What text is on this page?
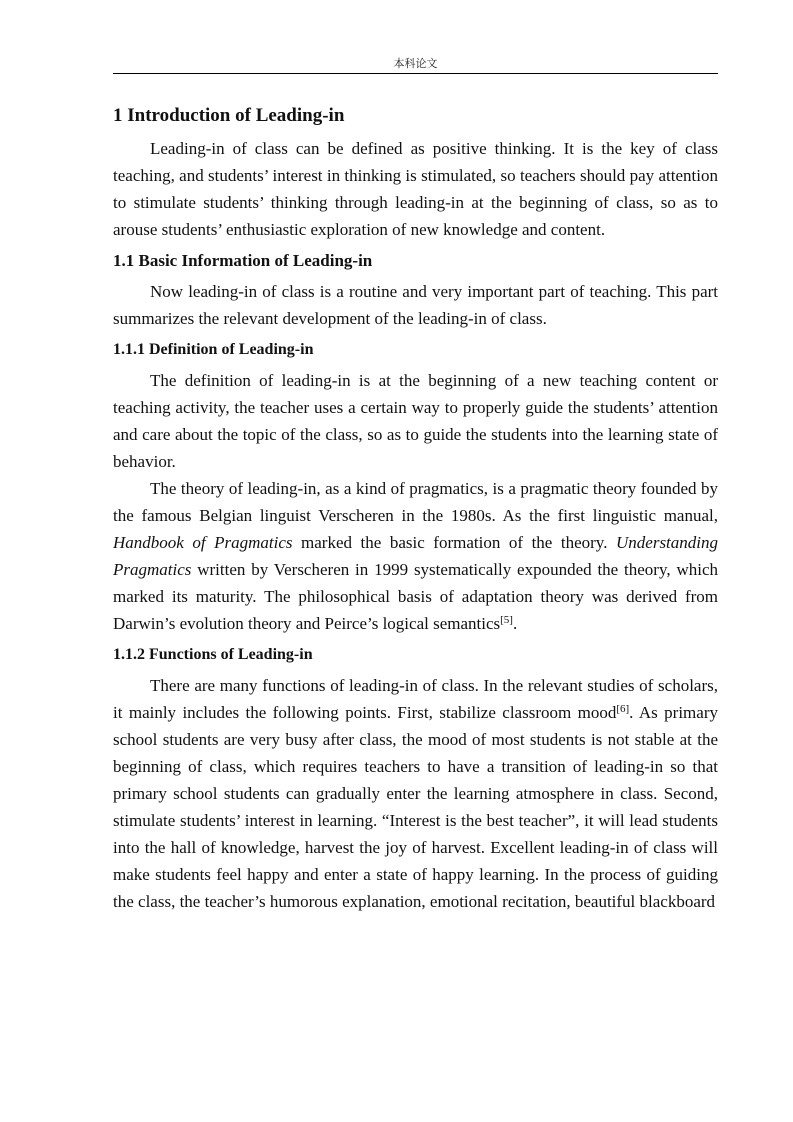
本科论文
1 Introduction of Leading-in

Leading-in of class can be defined as positive thinking. It is the key of class teaching, and students’ interest in thinking is stimulated, so teachers should pay attention to stimulate students’ thinking through leading-in at the beginning of class, so as to arouse students’ enthusiastic exploration of new knowledge and content.

1.1 Basic Information of Leading-in

Now leading-in of class is a routine and very important part of teaching. This part summarizes the relevant development of the leading-in of class.

1.1.1 Definition of Leading-in

The definition of leading-in is at the beginning of a new teaching content or teaching activity, the teacher uses a certain way to properly guide the students’ attention and care about the topic of the class, so as to guide the students into the learning state of behavior.

The theory of leading-in, as a kind of pragmatics, is a pragmatic theory founded by the famous Belgian linguist Verscheren in the 1980s. As the first linguistic manual, Handbook of Pragmatics marked the basic formation of the theory. Understanding Pragmatics written by Verscheren in 1999 systematically expounded the theory, which marked its maturity. The philosophical basis of adaptation theory was derived from Darwin’s evolution theory and Peirce’s logical semantics[5].

1.1.2 Functions of Leading-in

There are many functions of leading-in of class. In the relevant studies of scholars, it mainly includes the following points. First, stabilize classroom mood[6]. As primary school students are very busy after class, the mood of most students is not stable at the beginning of class, which requires teachers to have a transition of leading-in so that primary school students can gradually enter the learning atmosphere in class. Second, stimulate students’ interest in learning. “Interest is the best teacher”, it will lead students into the hall of knowledge, harvest the joy of harvest. Excellent leading-in of class will make students feel happy and enter a state of happy learning. In the process of guiding the class, the teacher’s humorous explanation, emotional recitation, beautiful blackboard
